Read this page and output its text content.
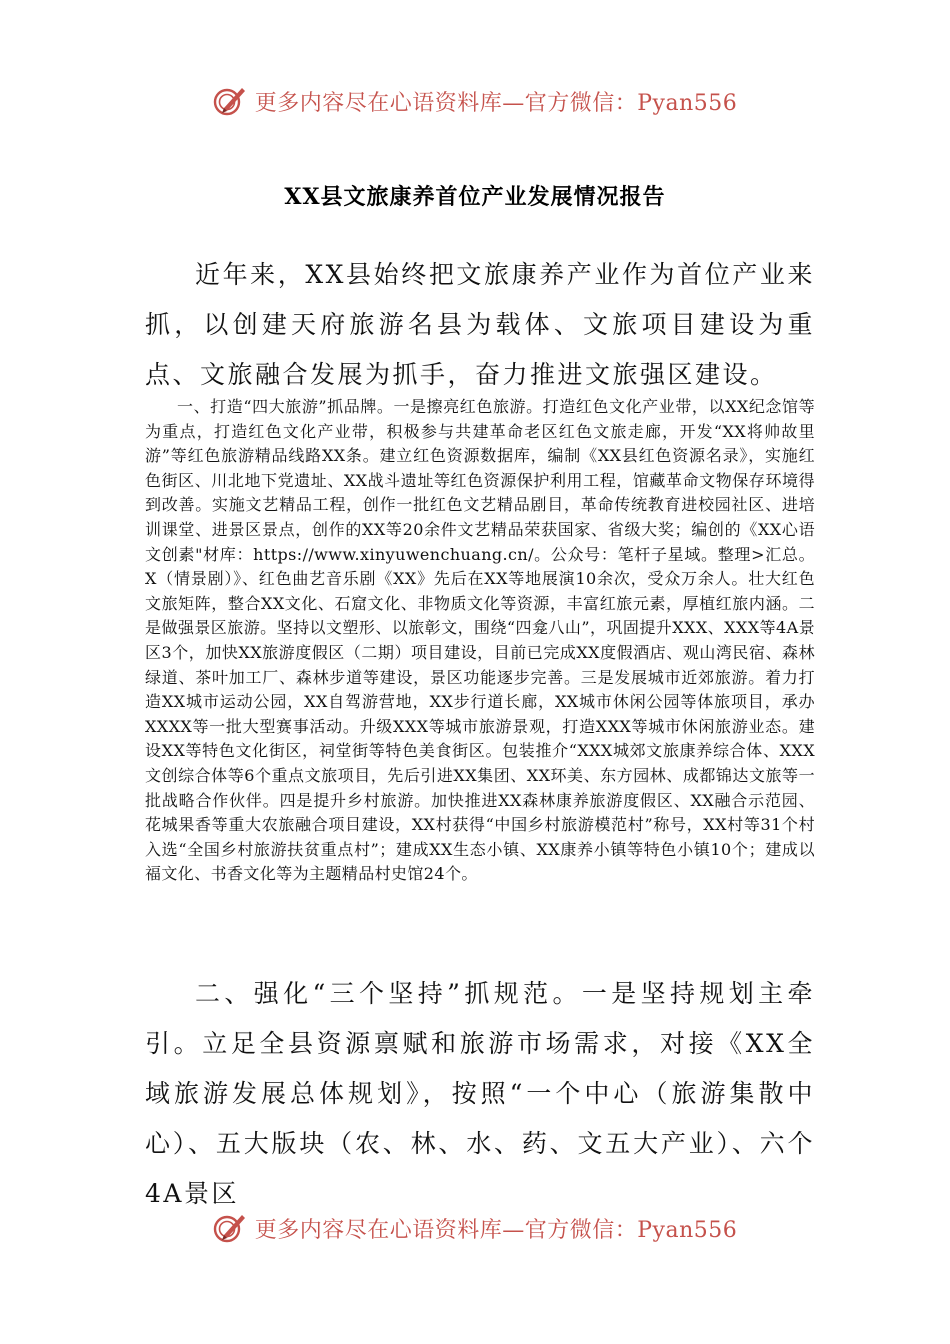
更多内容尽在心语资料库—官方微信：Pyan556
XX县文旅康养首位产业发展情况报告

近年来，XX县始终把文旅康养产业作为首位产业来抓，以创建天府旅游名县为载体、文旅项目建设为重点、文旅融合发展为抓手，奋力推进文旅强区建设。

一、打造“四大旅游”抓品牌。一是擦亮红色旅游。打造红色文化产业带，以XX纪念馆等为重点，打造红色文化产业带，积极参与共建革命老区红色文旅走廊，开发“XX将帅故里游”等红色旅游精品线路XX条。建立红色资源数据库，编制《XX县红色资源名录》，实施红色街区、川北地下党遗址、XX战斗遗址等红色资源保护利用工程，馆藏革命文物保存环境得到改善。实施文艺精品工程，创作一批红色文艺精品剧目，革命传统教育进校园社区、进培训课堂、进景区景点，创作的XX等20余件文艺精品荣获国家、省级大奖；编创的《XX心语文创素"材库：https://www.xinyuwenchuang.cn/。公众号：笔杆子星域。整理>汇总。X（情景剧）》、红色曲艺音乐剧《XX》先后在XX等地展演10余次，受众万余人。壮大红色文旅矩阵，整合XX文化、石窟文化、非物质文化等资源，丰富红旅元素，厚植红旅内涵。二是做强景区旅游。坚持以文塑形、以旅彰文，围绕“四龛八山”，巩固提升XXX、XXX等4A景区3个，加快XX旅游度假区（二期）项目建设，目前已完成XX度假酒店、观山湾民宿、森林绿道、茶叶加工厂、森林步道等建设，景区功能逐步完善。三是发展城市近郊旅游。着力打造XX城市运动公园，XX自驾游营地，XX步行道长廊，XX城市休闲公园等体旅项目，承办XXXX等一批大型赛事活动。升级XXX等城市旅游景观，打造XXX等城市休闲旅游业态。建设XX等特色文化街区，祠堂街等特色美食街区。包装推介“XXX城郊文旅康养综合体、XXX文创综合体等6个重点文旅项目，先后引进XX集团、XX环美、东方园林、成都锦达文旅等一批战略合作伙伴。四是提升乡村旅游。加快推进XX森林康养旅游度假区、XX融合示范园、花城果香等重大农旅融合项目建设，XX村获得“中国乡村旅游模范村”称号，XX村等31个村入选“全国乡村旅游扶贫重点村”；建成XX生态小镇、XX康养小镇等特色小镇10个；建成以福文化、书香文化等为主题精品村史馆24个。

二、强化“三个坚持”抓规范。一是坚持规划主牵引。立足全县资源禀赋和旅游市场需求，对接《XX全域旅游发展总体规划》，按照“一个中心（旅游集散中心）、五大版块（农、林、水、药、文五大产业）、六个4A景区

更多内容尽在心语资料库—官方微信：Pyan556
